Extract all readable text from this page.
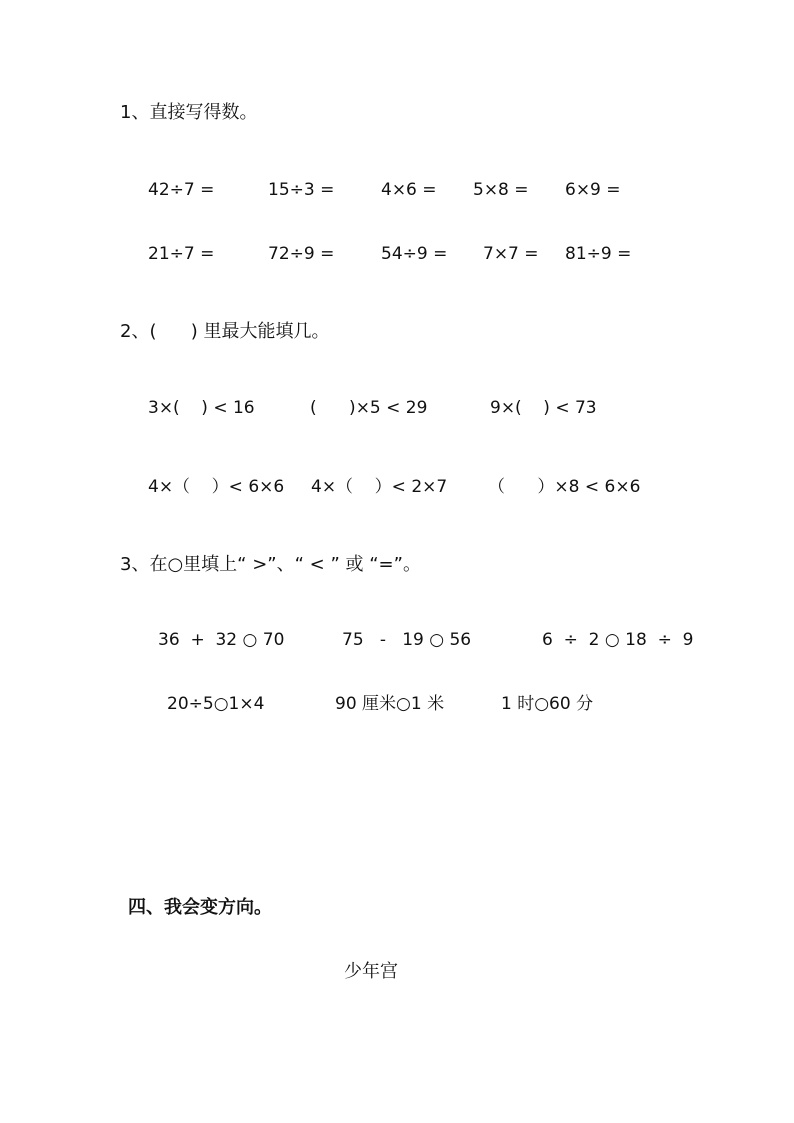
1、直接写得数。
42÷7 =	15÷3 =	4×6 = 5×8 = 6×9 =
21÷7 =	72÷9 =	54÷9 = 7×7 = 81÷9 =
2、(      ) 里最大能填几。
3×(    ) < 16	(      )×5 < 29	9×(    ) < 73
4×（    ）< 6×6 4×（    ）< 2×7 （      ）×8 < 6×6
3、在○里填上“ >”、“ < ” 或 “=”。
36  +  32 ○ 70	75   -   19 ○ 56	6  ÷  2 ○ 18  ÷  9
20÷5○1×4	90 厘米○1 米	1 时○60 分
四、我会变方向。
少年宫
